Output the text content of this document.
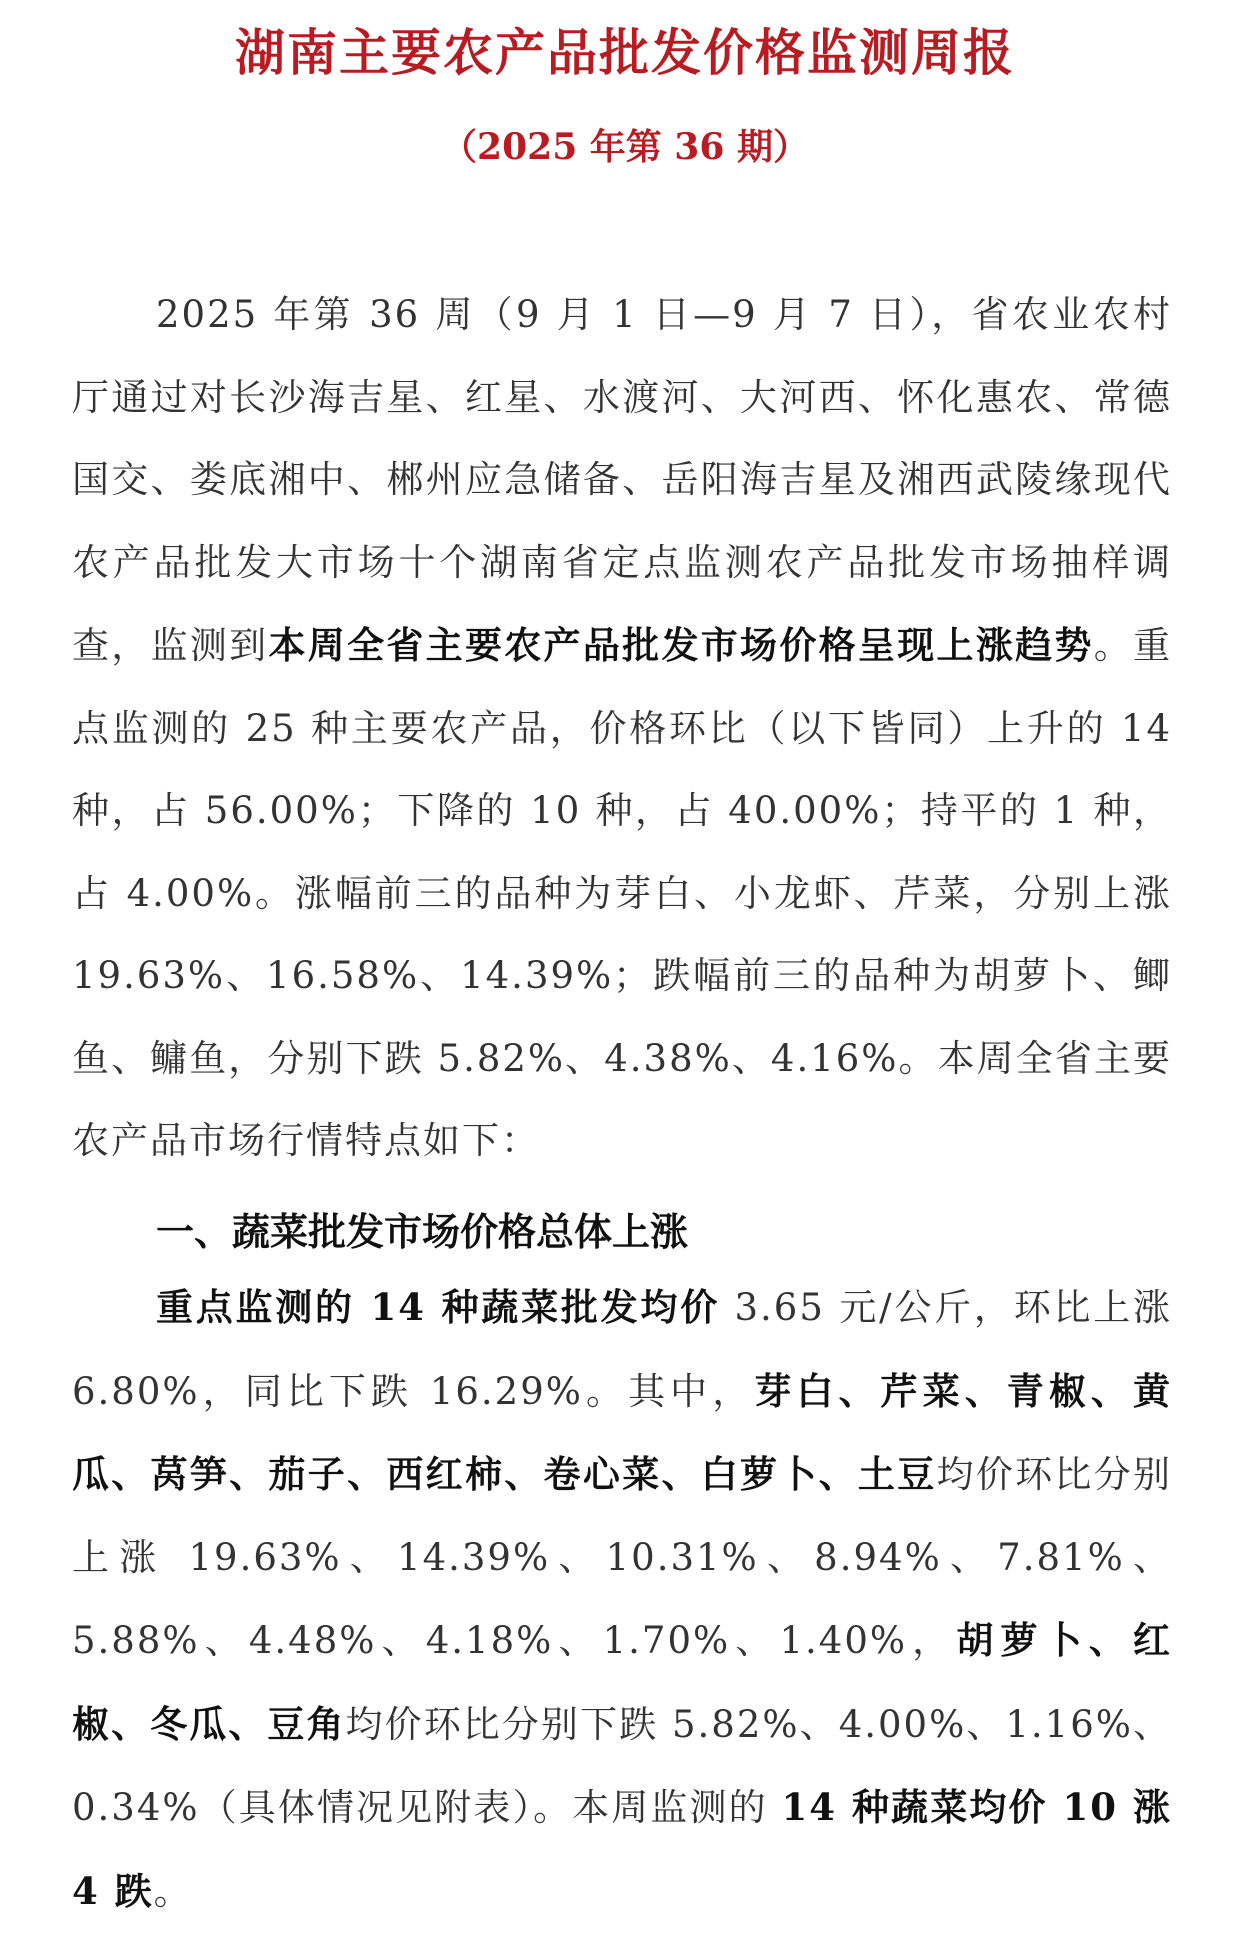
湖南主要农产品批发价格监测周报
（2025 年第 36 期）
2025 年第 36 周（9 月 1 日—9 月 7 日），省农业农村厅通过对长沙海吉星、红星、水渡河、大河西、怀化惠农、常德国交、娄底湘中、郴州应急储备、岳阳海吉星及湘西武陵缘现代农产品批发大市场十个湖南省定点监测农产品批发市场抽样调查，监测到本周全省主要农产品批发市场价格呈现上涨趋势。重点监测的 25 种主要农产品，价格环比（以下皆同）上升的 14 种，占 56.00%；下降的 10 种，占 40.00%；持平的 1 种，占 4.00%。涨幅前三的品种为芽白、小龙虾、芹菜，分别上涨 19.63%、16.58%、14.39%；跌幅前三的品种为胡萝卜、鲫鱼、鳙鱼，分别下跌 5.82%、4.38%、4.16%。本周全省主要农产品市场行情特点如下：
一、蔬菜批发市场价格总体上涨
重点监测的 14 种蔬菜批发均价 3.65 元/公斤，环比上涨 6.80%，同比下跌 16.29%。其中，芽白、芹菜、青椒、黄瓜、莴笋、茄子、西红柿、卷心菜、白萝卜、土豆均价环比分别上涨 19.63%、14.39%、10.31%、8.94%、7.81%、5.88%、4.48%、4.18%、1.70%、1.40%，胡萝卜、红椒、冬瓜、豆角均价环比分别下跌 5.82%、4.00%、1.16%、0.34%（具体情况见附表）。本周监测的 14 种蔬菜均价 10 涨 4 跌。
